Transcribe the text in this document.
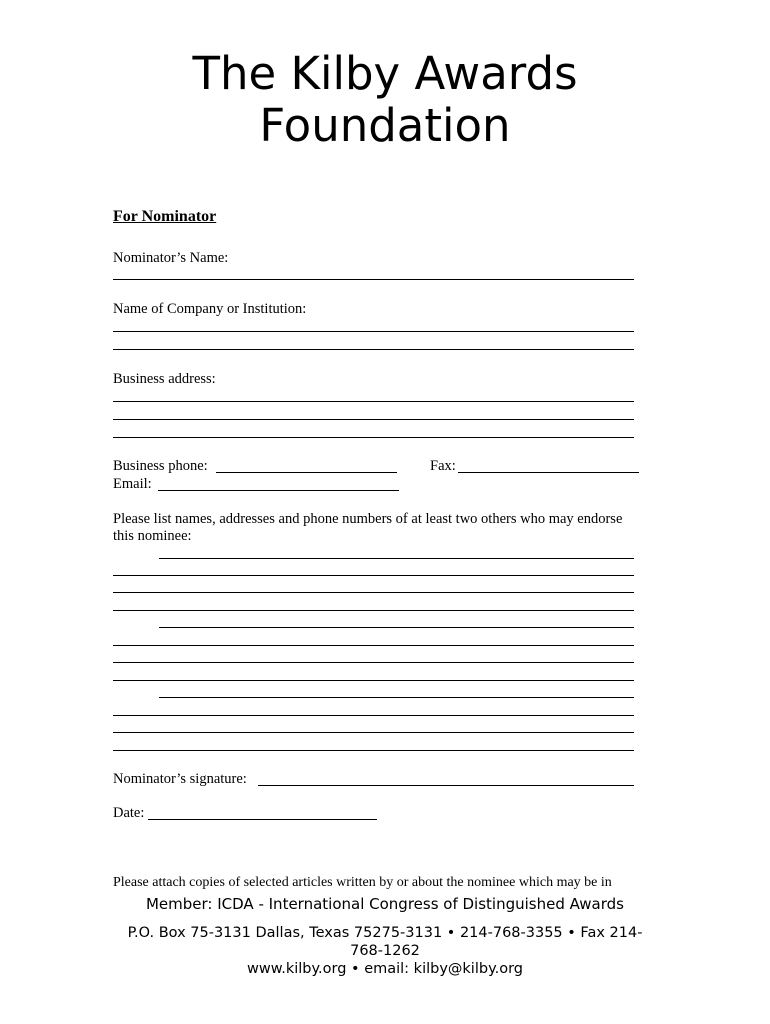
The Kilby Awards
Foundation
For Nominator
Nominator’s Name:
Name of Company or Institution:
Business address:
Business phone:	Fax:
Email:
Please list names, addresses and phone numbers of at least two others who may endorse
this nominee:
Nominator’s signature:
Date:
Please attach copies of selected articles written by or about the nominee which may be in
Member: ICDA - International Congress of Distinguished Awards
P.O. Box 75-3131 Dallas, Texas 75275-3131 • 214-768-3355 • Fax 214-
768-1262
www.kilby.org • email: kilby@kilby.org
